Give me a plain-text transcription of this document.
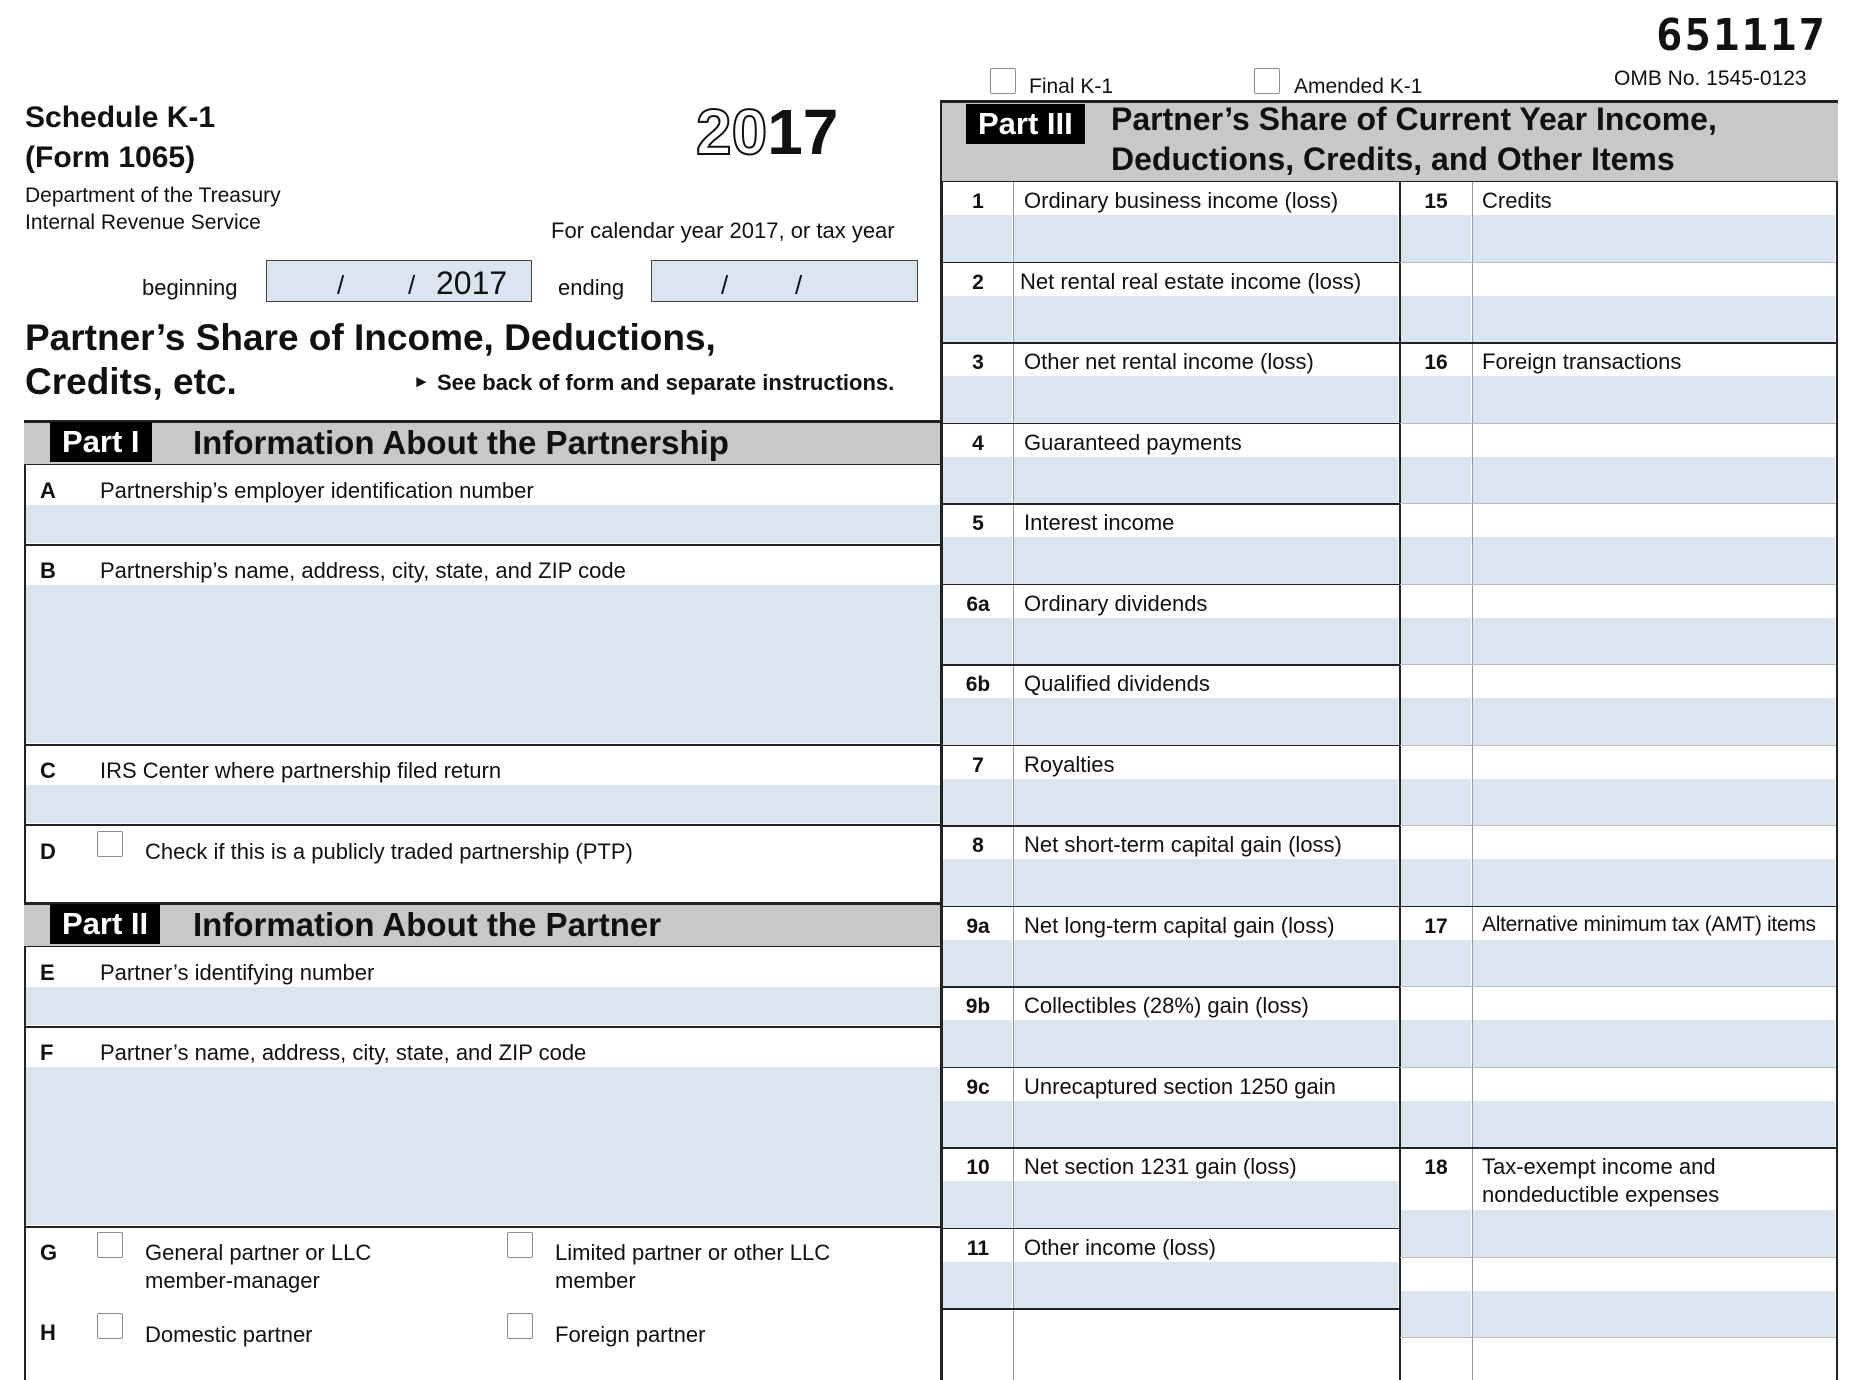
651117
OMB No. 1545-0123
Final K-1	Amended K-1
Schedule K-1
(Form 1065)
Department of the Treasury
Internal Revenue Service
2017
For calendar year 2017, or tax year
beginning	/ / 2017 ending	/	/
Partner’s Share of Income, Deductions,
Credits, etc.	► See back of form and separate instructions.
Part I	Information About the Partnership
A Partnership’s employer identification number
B Partnership’s name, address, city, state, and ZIP code
C IRS Center where partnership filed return
D	Check if this is a publicly traded partnership (PTP)
Part II	Information About the Partner
E Partner’s identifying number
F Partner’s name, address, city, state, and ZIP code
G	General partner or LLC
member-manager
Limited partner or other LLC
member
H	Domestic partner	Foreign partner
Part III	Partner’s Share of Current Year Income,
Deductions, Credits, and Other Items
1	Ordinary business income (loss)
2	Net rental real estate income (loss)
3	Other net rental income (loss)
4	Guaranteed payments
5	Interest income
6a	Ordinary dividends
6b	Qualified dividends
7	Royalties
8	Net short-term capital gain (loss)
9a	Net long-term capital gain (loss)
9b	Collectibles (28%) gain (loss)
9c	Unrecaptured section 1250 gain
10	Net section 1231 gain (loss)
11	Other income (loss)
15	Credits
16	Foreign transactions
17	Alternative minimum tax (AMT) items
18	Tax-exempt income and
nondeductible expenses
